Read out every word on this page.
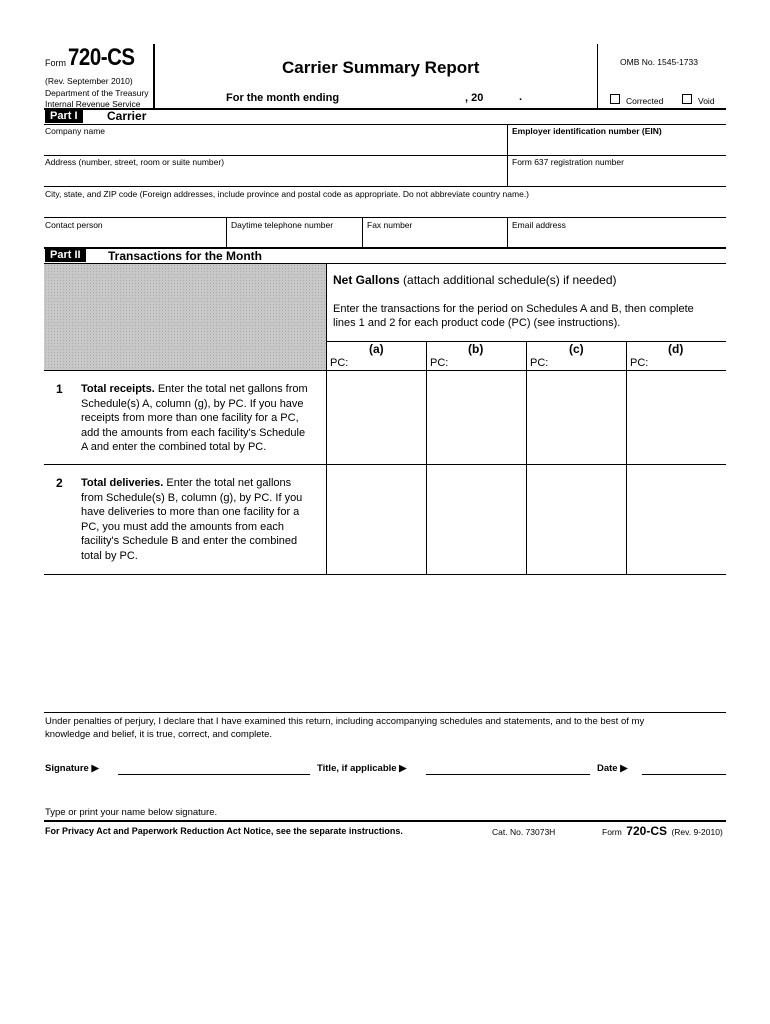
Form 720-CS
(Rev. September 2010)
Department of the Treasury
Internal Revenue Service
Carrier Summary Report
For the month ending	, 20	.
OMB No. 1545-1733
Corrected	Void
Part I	Carrier
Company name	Employer identification number (EIN)
Address (number, street, room or suite number)	Form 637 registration number
City, state, and ZIP code (Foreign addresses, include province and postal code as appropriate. Do not abbreviate country name.)
Contact person	Daytime telephone number	Fax number	Email address
Part II	Transactions for the Month
Net Gallons (attach additional schedule(s) if needed)
Enter the transactions for the period on Schedules A and B, then complete
lines 1 and 2 for each product code (PC) (see instructions).
(a)	(b)	(c)	(d)
PC:	PC:	PC:	PC:
1 Total receipts. Enter the total net gallons from
Schedule(s) A, column (g), by PC. If you have
receipts from more than one facility for a PC,
add the amounts from each facility's Schedule
A and enter the combined total by PC.
2 Total deliveries. Enter the total net gallons
from Schedule(s) B, column (g), by PC. If you
have deliveries to more than one facility for a
PC, you must add the amounts from each
facility's Schedule B and enter the combined
total by PC.
Under penalties of perjury, I declare that I have examined this return, including accompanying schedules and statements, and to the best of my
knowledge and belief, it is true, correct, and complete.
Signature ▶	Title, if applicable ▶	Date ▶
Type or print your name below signature.
For Privacy Act and Paperwork Reduction Act Notice, see the separate instructions.	Cat. No. 73073H	Form 720-CS (Rev. 9-2010)
